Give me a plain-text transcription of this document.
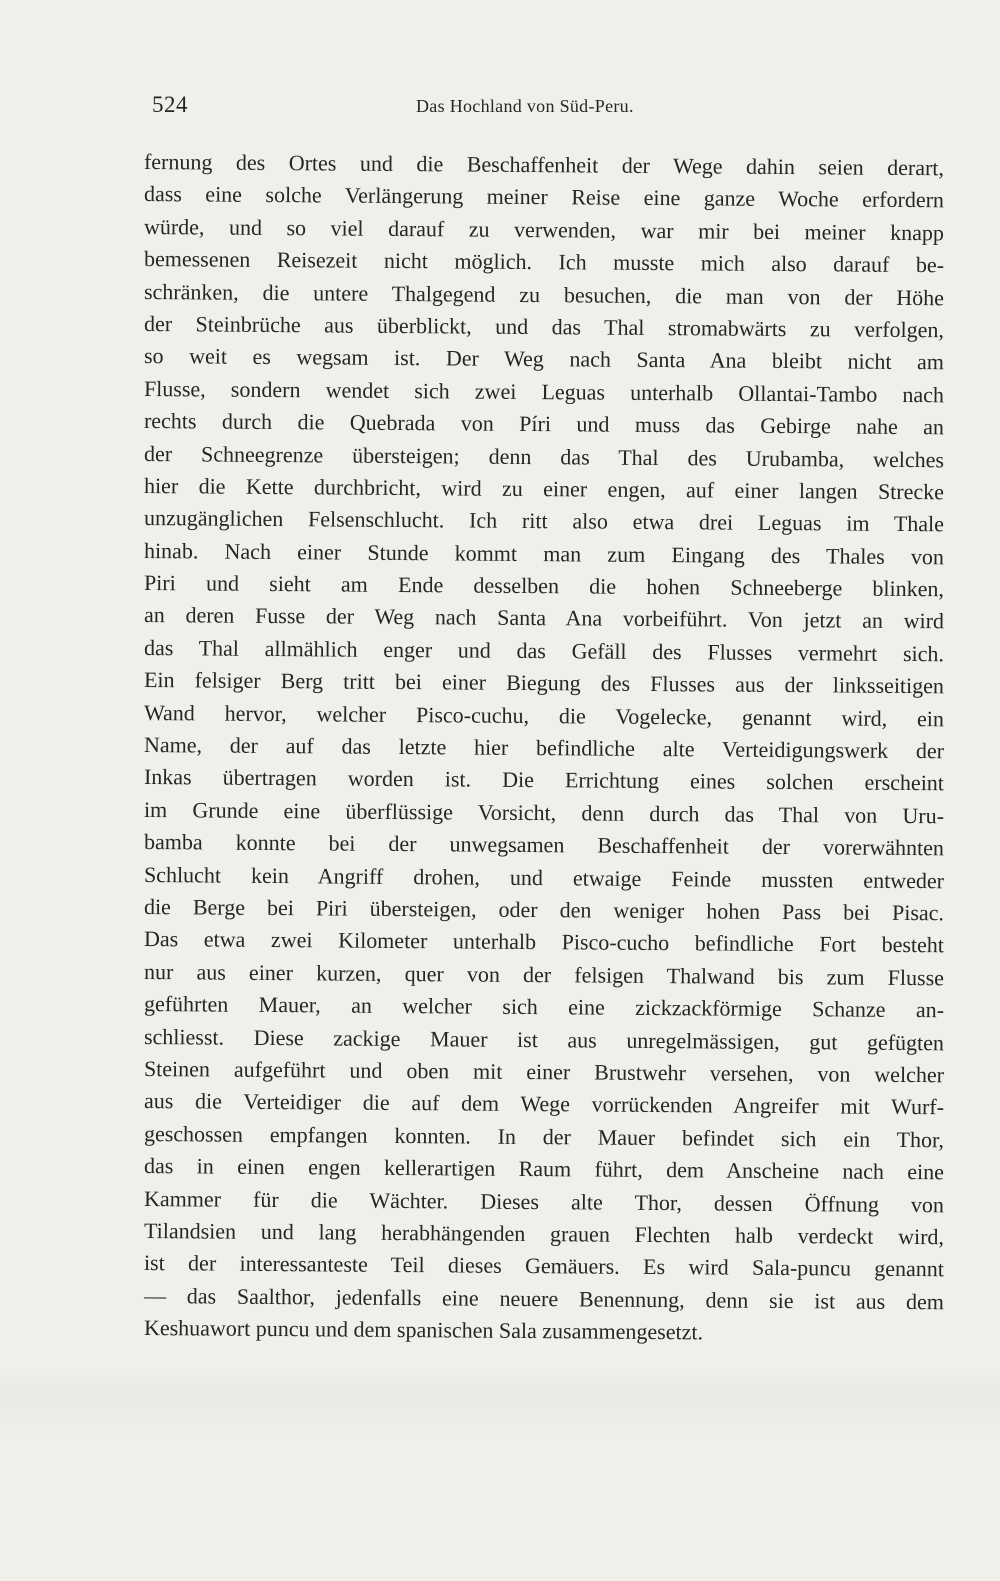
524	Das Hochland von Süd-Peru.
fernung des Ortes und die Beschaffenheit der Wege dahin seien derart,
dass eine solche Verlängerung meiner Reise eine ganze Woche erfordern
würde, und so viel darauf zu verwenden, war mir bei meiner knapp
bemessenen Reisezeit nicht möglich. Ich musste mich also darauf be-
schränken, die untere Thalgegend zu besuchen, die man von der Höhe
der Steinbrüche aus überblickt, und das Thal stromabwärts zu verfolgen,
so weit es wegsam ist. Der Weg nach Santa Ana bleibt nicht am
Flusse, sondern wendet sich zwei Leguas unterhalb Ollantai-Tambo nach
rechts durch die Quebrada von Píri und muss das Gebirge nahe an
der Schneegrenze übersteigen; denn das Thal des Urubamba, welches
hier die Kette durchbricht, wird zu einer engen, auf einer langen Strecke
unzugänglichen Felsenschlucht. Ich ritt also etwa drei Leguas im Thale
hinab. Nach einer Stunde kommt man zum Eingang des Thales von
Piri und sieht am Ende desselben die hohen Schneeberge blinken,
an deren Fusse der Weg nach Santa Ana vorbeiführt. Von jetzt an wird
das Thal allmählich enger und das Gefäll des Flusses vermehrt sich.
Ein felsiger Berg tritt bei einer Biegung des Flusses aus der linksseitigen
Wand hervor, welcher Pisco-cuchu, die Vogelecke, genannt wird, ein
Name, der auf das letzte hier befindliche alte Verteidigungswerk der
Inkas übertragen worden ist. Die Errichtung eines solchen erscheint
im Grunde eine überflüssige Vorsicht, denn durch das Thal von Uru-
bamba konnte bei der unwegsamen Beschaffenheit der vorerwähnten
Schlucht kein Angriff drohen, und etwaige Feinde mussten entweder
die Berge bei Piri übersteigen, oder den weniger hohen Pass bei Pisac.
Das etwa zwei Kilometer unterhalb Pisco-cucho befindliche Fort besteht
nur aus einer kurzen, quer von der felsigen Thalwand bis zum Flusse
geführten Mauer, an welcher sich eine zickzackförmige Schanze an-
schliesst. Diese zackige Mauer ist aus unregelmässigen, gut gefügten
Steinen aufgeführt und oben mit einer Brustwehr versehen, von welcher
aus die Verteidiger die auf dem Wege vorrückenden Angreifer mit Wurf-
geschossen empfangen konnten. In der Mauer befindet sich ein Thor,
das in einen engen kellerartigen Raum führt, dem Anscheine nach eine
Kammer für die Wächter. Dieses alte Thor, dessen Öffnung von
Tilandsien und lang herabhängenden grauen Flechten halb verdeckt wird,
ist der interessanteste Teil dieses Gemäuers. Es wird Sala-puncu genannt
— das Saalthor, jedenfalls eine neuere Benennung, denn sie ist aus dem
Keshuawort puncu und dem spanischen Sala zusammengesetzt.
